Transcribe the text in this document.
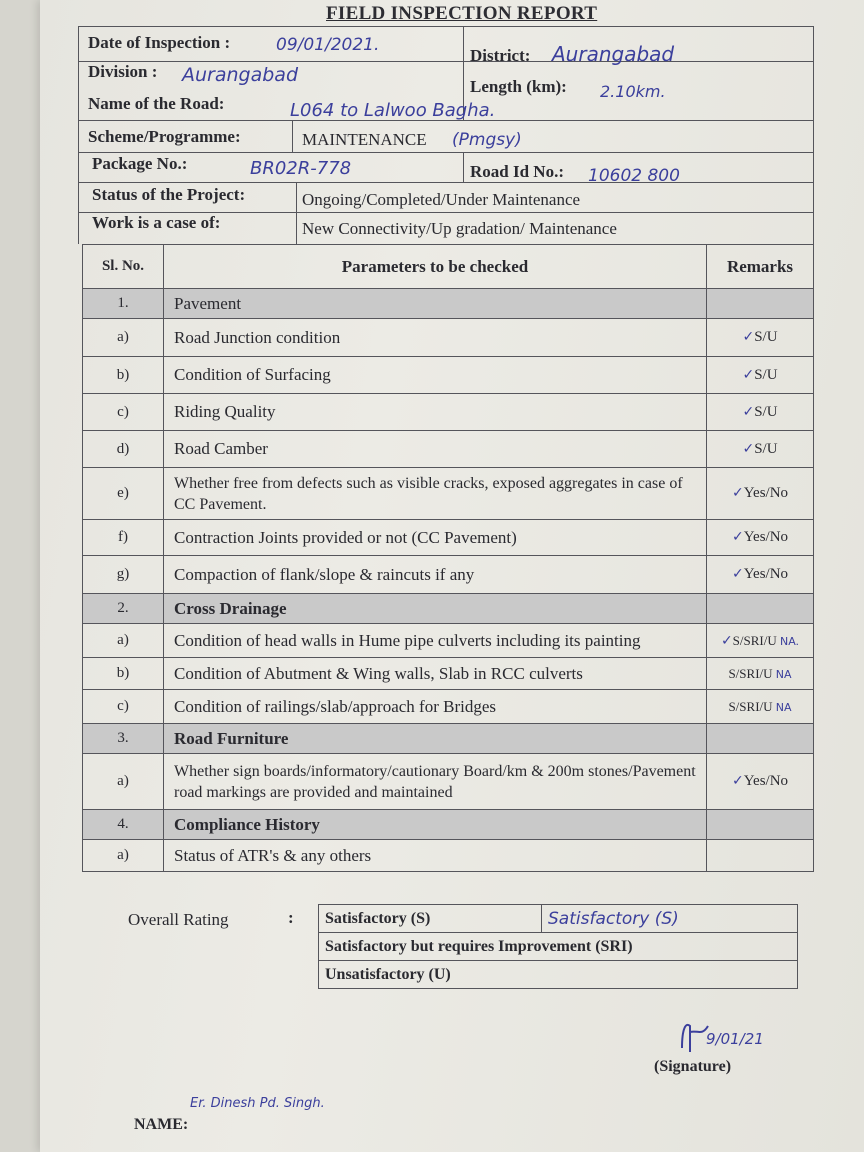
FIELD INSPECTION REPORT
Date of Inspection :	09/01/2021.
District: Aurangabad
Division : Aurangabad
Length (km): 2.10km.
Name of the Road:	L064 to Lalwoo Bagha.
Scheme/Programme:	MAINTENANCE (Pmgsy)
Package No.:	BR02R-778	Road Id No.: 10602 800
Status of the Project:	Ongoing/Completed/Under Maintenance
Work is a case of:	New Connectivity/Up gradation/ Maintenance
Sl. No.	Parameters to be checked	Remarks
1.	Pavement	
a)	Road Junction condition	✓S/U
b)	Condition of Surfacing	✓S/U
c)	Riding Quality	✓S/U
d)	Road Camber	✓S/U
e)	Whether free from defects such as visible cracks, exposed aggregates in case of CC Pavement.	✓Yes/No
f)	Contraction Joints provided or not (CC Pavement)	✓Yes/No
g)	Compaction of flank/slope & raincuts if any	✓Yes/No
2.	Cross Drainage	
a)	Condition of head walls in Hume pipe culverts including its painting	✓S/SRI/U NA.
b)	Condition of Abutment & Wing walls, Slab in RCC culverts	S/SRI/U NA
c)	Condition of railings/slab/approach for Bridges	S/SRI/U NA
3.	Road Furniture	
a)	Whether sign boards/informatory/cautionary Board/km & 200m stones/Pavement road markings are provided and maintained	✓Yes/No
4.	Compliance History	
a)	Status of ATR's & any others	
Overall Rating	: Satisfactory (S)	Satisfactory (S)
Satisfactory but requires Improvement (SRI)
Unsatisfactory (U)
9/01/21
(Signature)
NAME:
Er. Dinesh Pd. Singh.
